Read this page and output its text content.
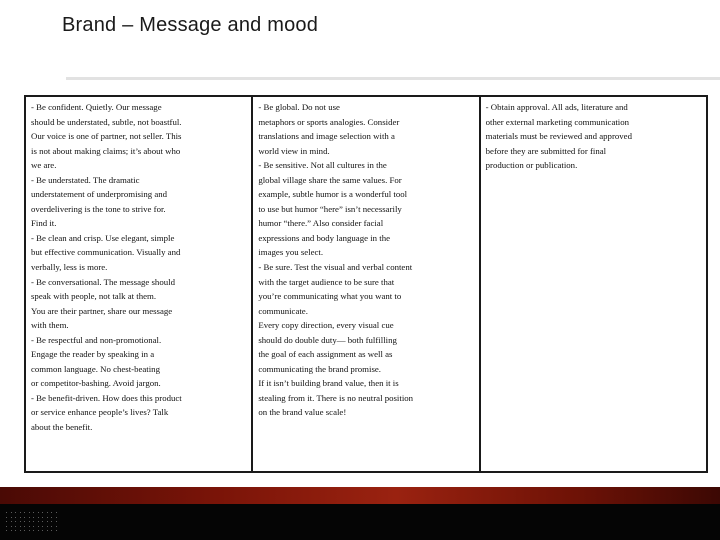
Brand – Message and mood
- Be confident. Quietly. Our message
should be understated, subtle, not boastful.
Our voice is one of partner, not seller. This
is not about making claims; it’s about who
we are.
- Be understated. The dramatic
understatement of underpromising and
overdelivering is the tone to strive for.
Find it.
- Be clean and crisp. Use elegant, simple
but effective communication. Visually and
verbally, less is more.
- Be conversational. The message should
speak with people, not talk at them.
You are their partner, share our message
with them.
- Be respectful and non-promotional.
Engage the reader by speaking in a
common language. No chest-beating
or competitor-bashing. Avoid jargon.
- Be benefit-driven. How does this product
or service enhance people’s lives? Talk
about the benefit.
- Be global. Do not use
metaphors or sports analogies. Consider
translations and image selection with a
world view in mind.
- Be sensitive. Not all cultures in the
global village share the same values. For
example, subtle humor is a wonderful tool
to use but humor “here” isn’t necessarily
humor “there.” Also consider facial
expressions and body language in the
images you select.
- Be sure. Test the visual and verbal content
with the target audience to be sure that
you’re communicating what you want to
communicate.
Every copy direction, every visual cue
should do double duty— both fulfilling
the goal of each assignment as well as
communicating the brand promise.
If it isn’t building brand value, then it is
stealing from it. There is no neutral position
on the brand value scale!
- Obtain approval. All ads, literature and
other external marketing communication
materials must be reviewed and approved
before they are submitted for final
production or publication.
